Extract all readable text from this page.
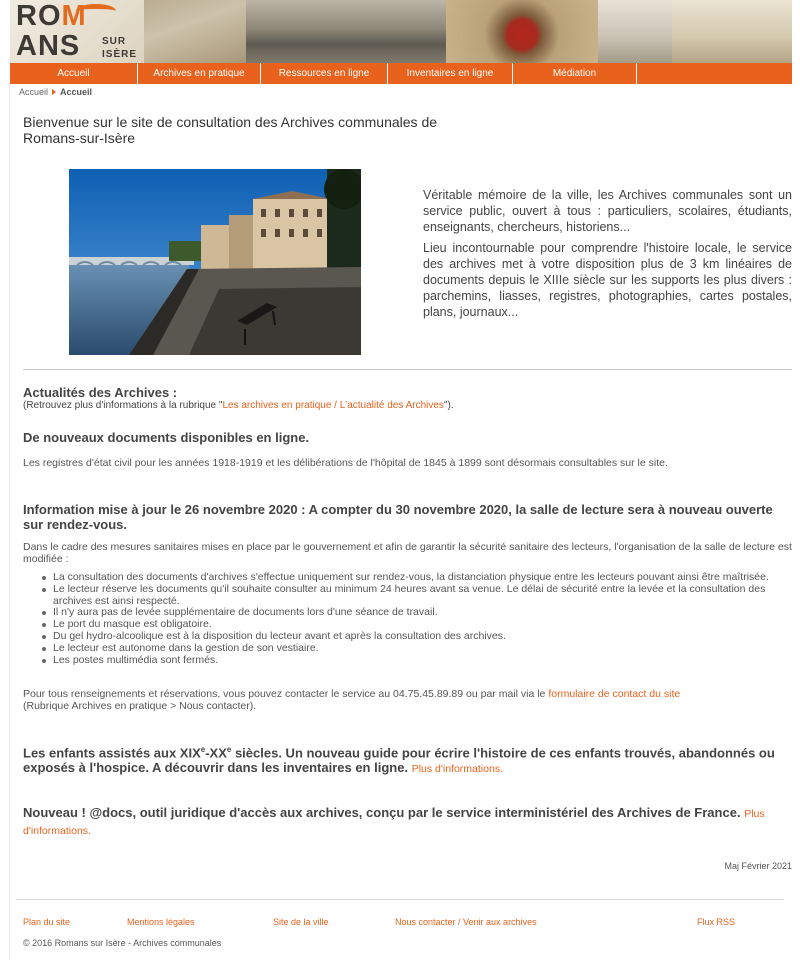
ROM
ANS SUR
ISÈRE
Accueil	Archives en pratique	Ressources en ligne	Inventaires en ligne	Médiation
Accueil Accueil
Bienvenue sur le site de consultation des Archives communales de Romans-sur-Isère

Véritable mémoire de la ville, les Archives communales sont un service public, ouvert à tous : particuliers, scolaires, étudiants, enseignants, chercheurs, historiens...

Lieu incontournable pour comprendre l'histoire locale, le service des archives met à votre disposition plus de 3 km linéaires de documents depuis le XIIIe siècle sur les supports les plus divers : parchemins, liasses, registres, photographies, cartes postales, plans, journaux...

Actualités des Archives :
(Retrouvez plus d'informations à la rubrique "Les archives en pratique / L'actualité des Archives").
De nouveaux documents disponibles en ligne.
Les registres d'état civil pour les années 1918-1919 et les délibérations de l'hôpital de 1845 à 1899 sont désormais consultables sur le site.
Information mise à jour le 26 novembre 2020 : A compter du 30 novembre 2020, la salle de lecture sera à nouveau ouverte sur rendez-vous.
Dans le cadre des mesures sanitaires mises en place par le gouvernement et afin de garantir la sécurité sanitaire des lecteurs, l'organisation de la salle de lecture est modifiée :
La consultation des documents d'archives s'effectue uniquement sur rendez-vous, la distanciation physique entre les lecteurs pouvant ainsi être maîtrisée.
Le lecteur réserve les documents qu'il souhaite consulter au minimum 24 heures avant sa venue. Le délai de sécurité entre la levée et la consultation des archives est ainsi respecté.
Il n'y aura pas de levée supplémentaire de documents lors d'une séance de travail.
Le port du masque est obligatoire.
Du gel hydro-alcoolique est à la disposition du lecteur avant et après la consultation des archives.
Le lecteur est autonome dans la gestion de son vestiaire.
Les postes multimédia sont fermés.
Pour tous renseignements et réservations, vous pouvez contacter le service au 04.75.45.89.89 ou par mail via le formulaire de contact du site
(Rubrique Archives en pratique > Nous contacter).
Les enfants assistés aux XIXe-XXe siècles. Un nouveau guide pour écrire l'histoire de ces enfants trouvés, abandonnés ou exposés à l'hospice. A découvrir dans les inventaires en ligne. Plus d'informations.
Nouveau ! @docs, outil juridique d'accès aux archives, conçu par le service interministériel des Archives de France. Plus d'informations.
Maj Février 2021
Plan du site	Mentions légales	Site de la ville	Nous contacter / Venir aux archives	Flux RSS
© 2016 Romans sur Isère - Archives communales
